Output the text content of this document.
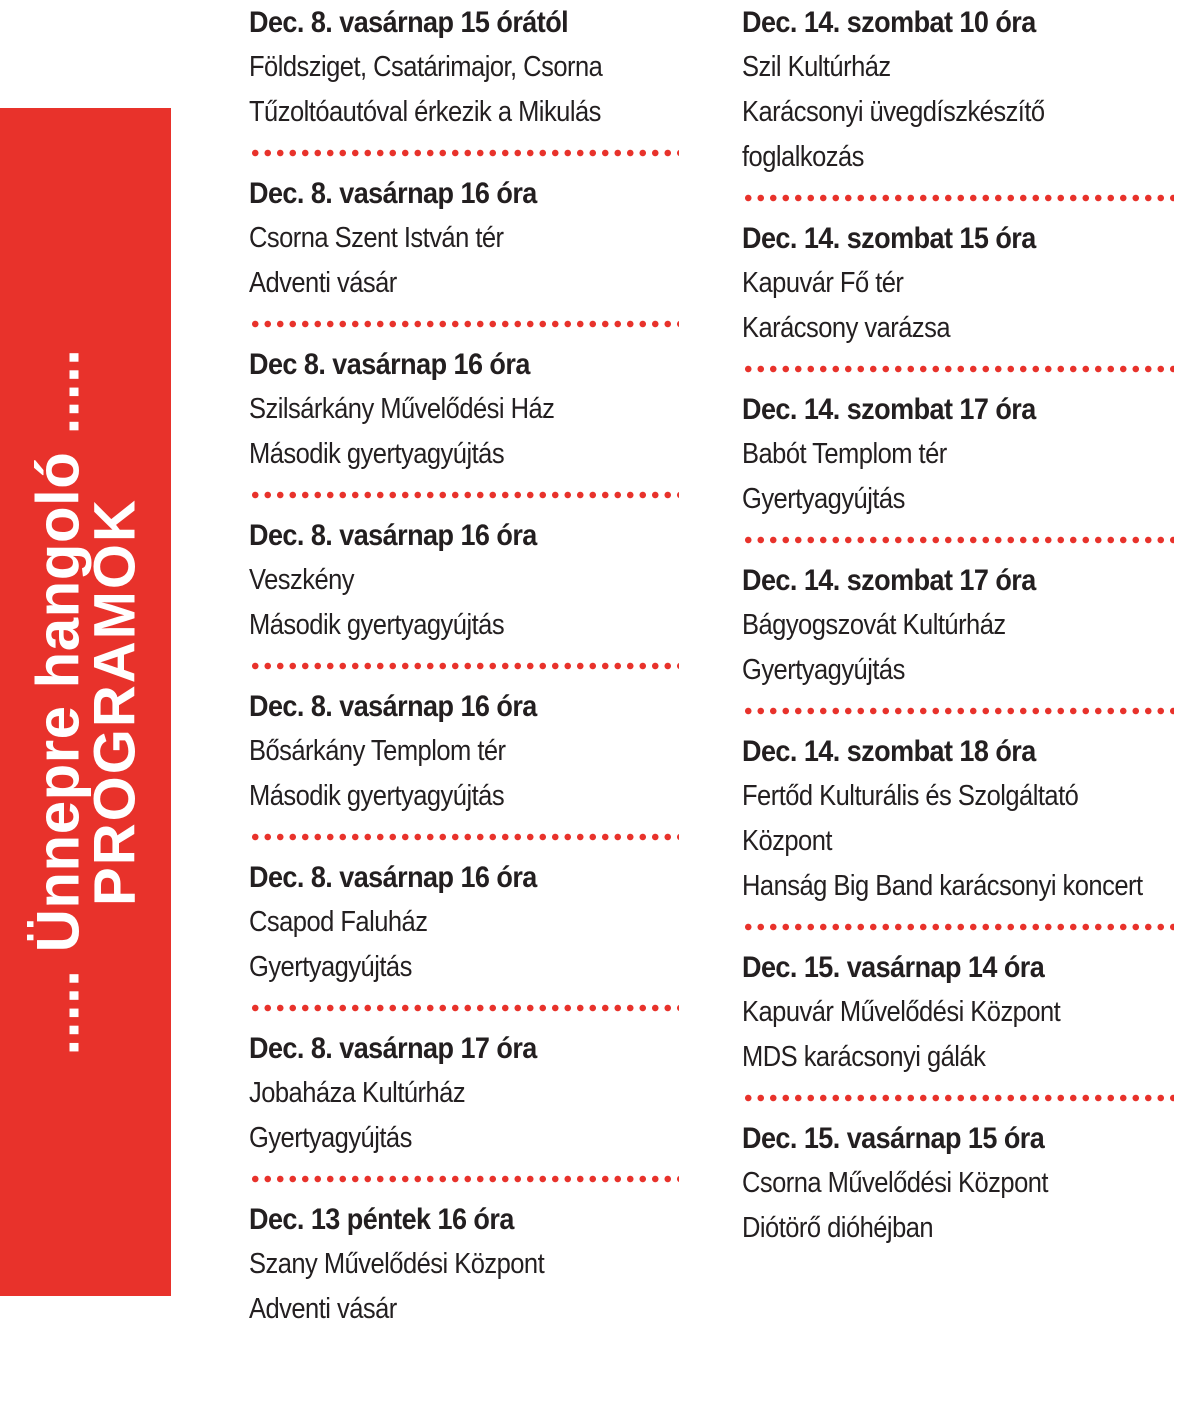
..... Ünnepre hangoló .....
PROGRAMOK
Dec. 8. vasárnap 15 órától
Földsziget, Csatárimajor, Csorna
Tűzoltóautóval érkezik a Mikulás
Dec. 8. vasárnap 16 óra
Csorna Szent István tér
Adventi vásár
Dec 8. vasárnap 16 óra
Szilsárkány Művelődési Ház
Második gyertyagyújtás
Dec. 8. vasárnap 16 óra
Veszkény
Második gyertyagyújtás
Dec. 8. vasárnap 16 óra
Bősárkány Templom tér
Második gyertyagyújtás
Dec. 8. vasárnap 16 óra
Csapod Faluház
Gyertyagyújtás
Dec. 8. vasárnap 17 óra
Jobaháza Kultúrház
Gyertyagyújtás
Dec. 13 péntek 16 óra
Szany Művelődési Központ
Adventi vásár
Dec. 14. szombat 10 óra
Szil Kultúrház
Karácsonyi üvegdíszkészítő
foglalkozás
Dec. 14. szombat 15 óra
Kapuvár Fő tér
Karácsony varázsa
Dec. 14. szombat 17 óra
Babót Templom tér
Gyertyagyújtás
Dec. 14. szombat 17 óra
Bágyogszovát Kultúrház
Gyertyagyújtás
Dec. 14. szombat 18 óra
Fertőd Kulturális és Szolgáltató
Központ
Hanság Big Band karácsonyi koncert
Dec. 15. vasárnap 14 óra
Kapuvár Művelődési Központ
MDS karácsonyi gálák
Dec. 15. vasárnap 15 óra
Csorna Művelődési Központ
Diótörő dióhéjban
